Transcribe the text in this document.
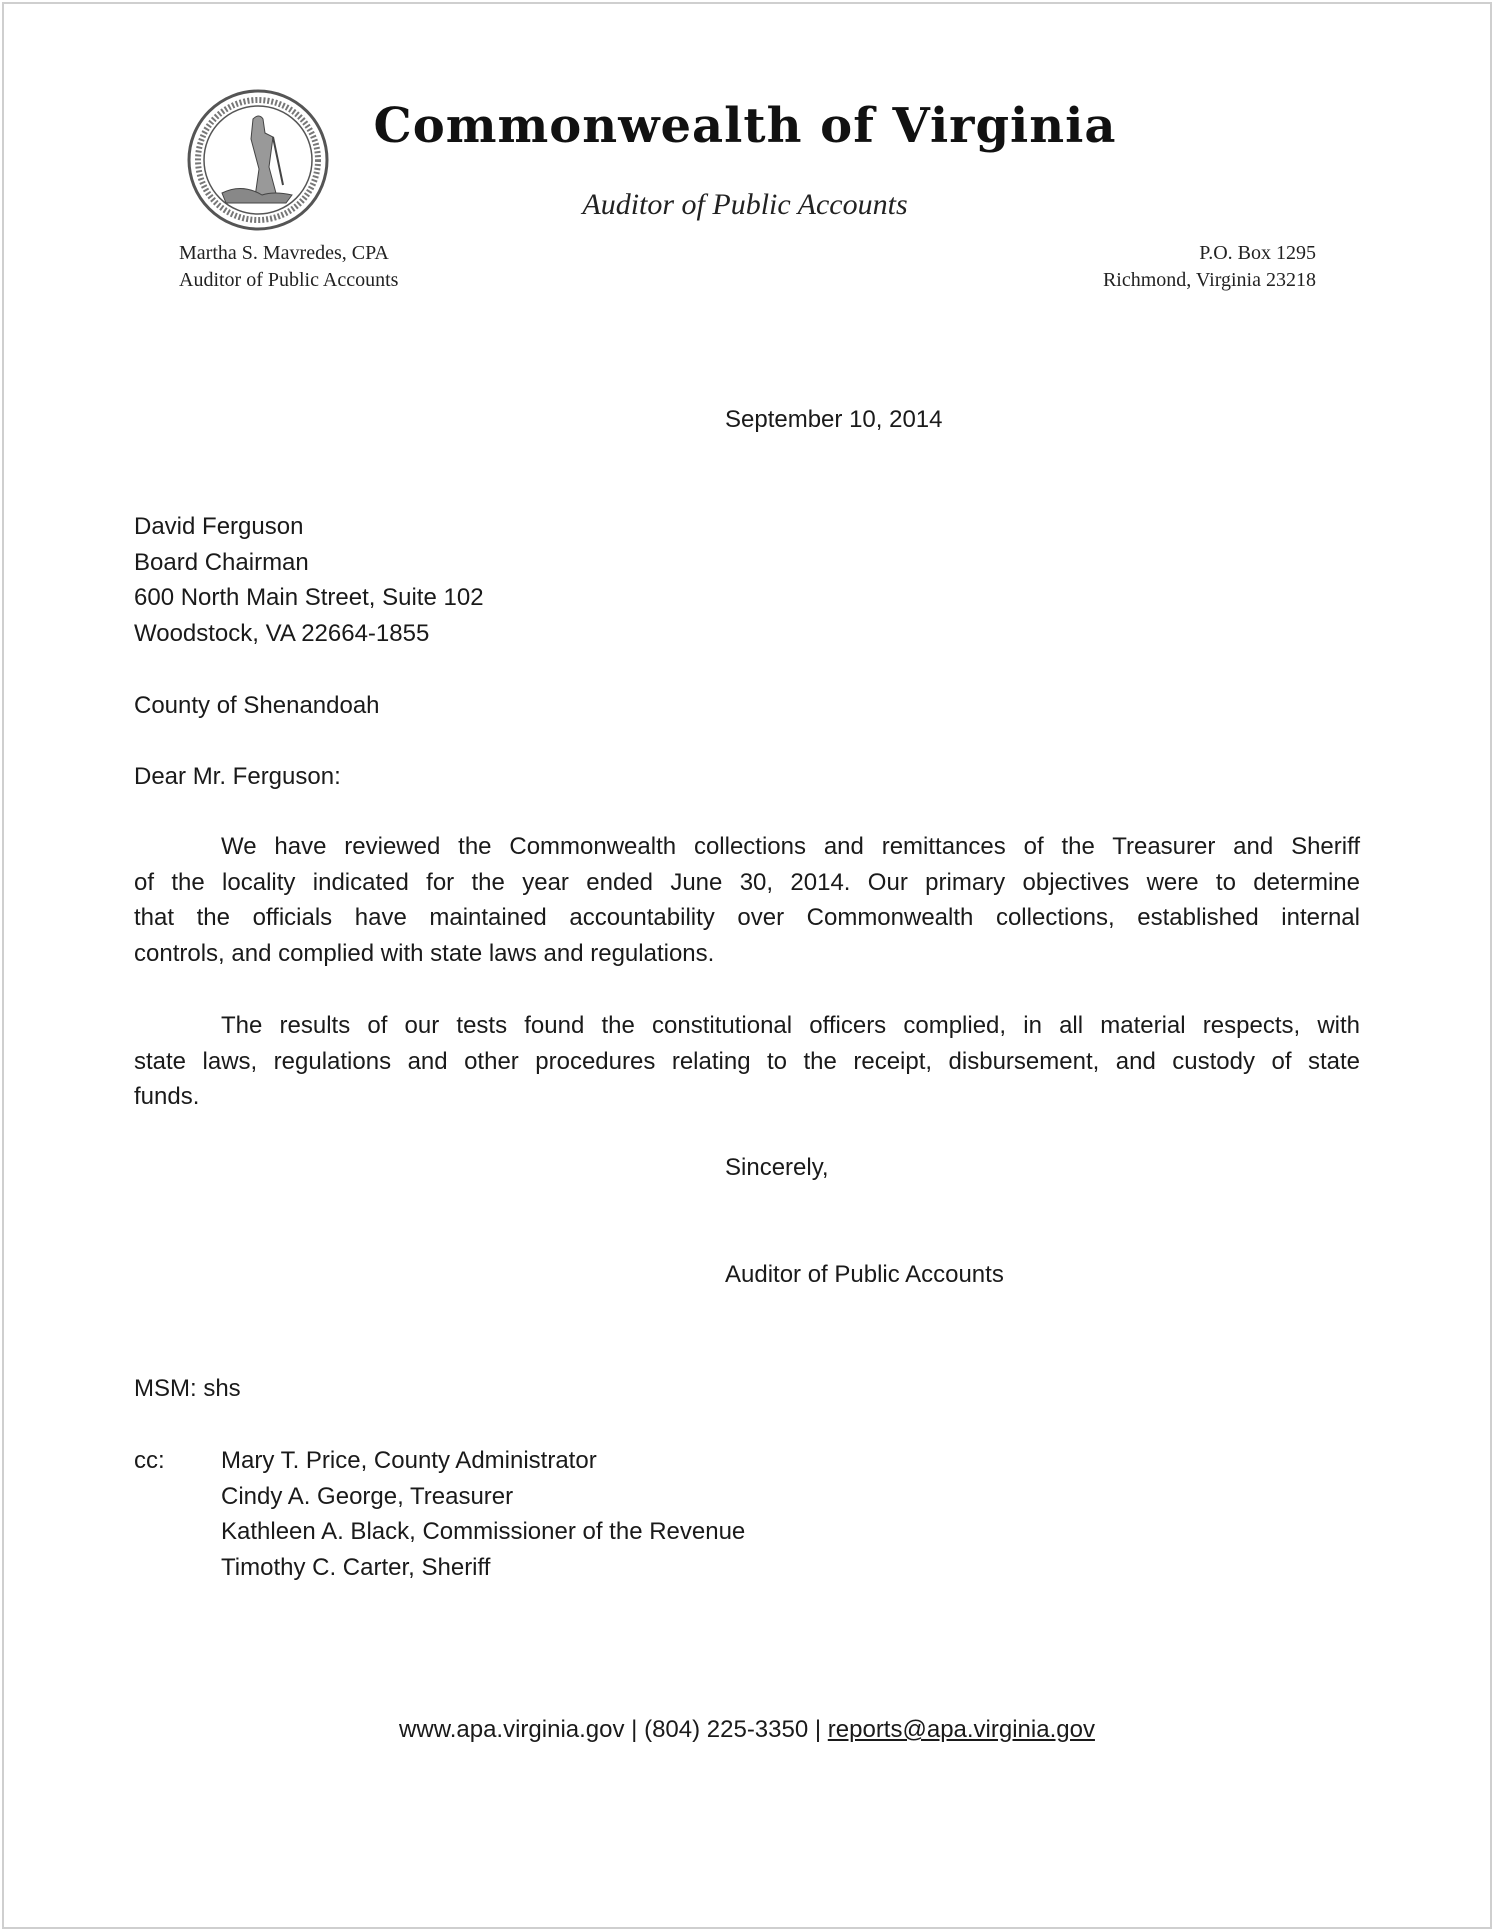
Commonwealth of Virginia
Auditor of Public Accounts
Martha S. Mavredes, CPA
Auditor of Public Accounts
P.O. Box 1295
Richmond, Virginia 23218
September 10, 2014
David Ferguson
Board Chairman
600 North Main Street, Suite 102
Woodstock, VA 22664-1855
County of Shenandoah
Dear Mr. Ferguson:
We have reviewed the Commonwealth collections and remittances of the Treasurer and Sheriff
of the locality indicated for the year ended June 30, 2014. Our primary objectives were to determine
that the officials have maintained accountability over Commonwealth collections, established internal
controls, and complied with state laws and regulations.
The results of our tests found the constitutional officers complied, in all material respects, with
state laws, regulations and other procedures relating to the receipt, disbursement, and custody of state
funds.
Sincerely,
Auditor of Public Accounts
MSM: shs
cc: Mary T. Price, County Administrator
Cindy A. George, Treasurer
Kathleen A. Black, Commissioner of the Revenue
Timothy C. Carter, Sheriff
www.apa.virginia.gov | (804) 225-3350 | reports@apa.virginia.gov
